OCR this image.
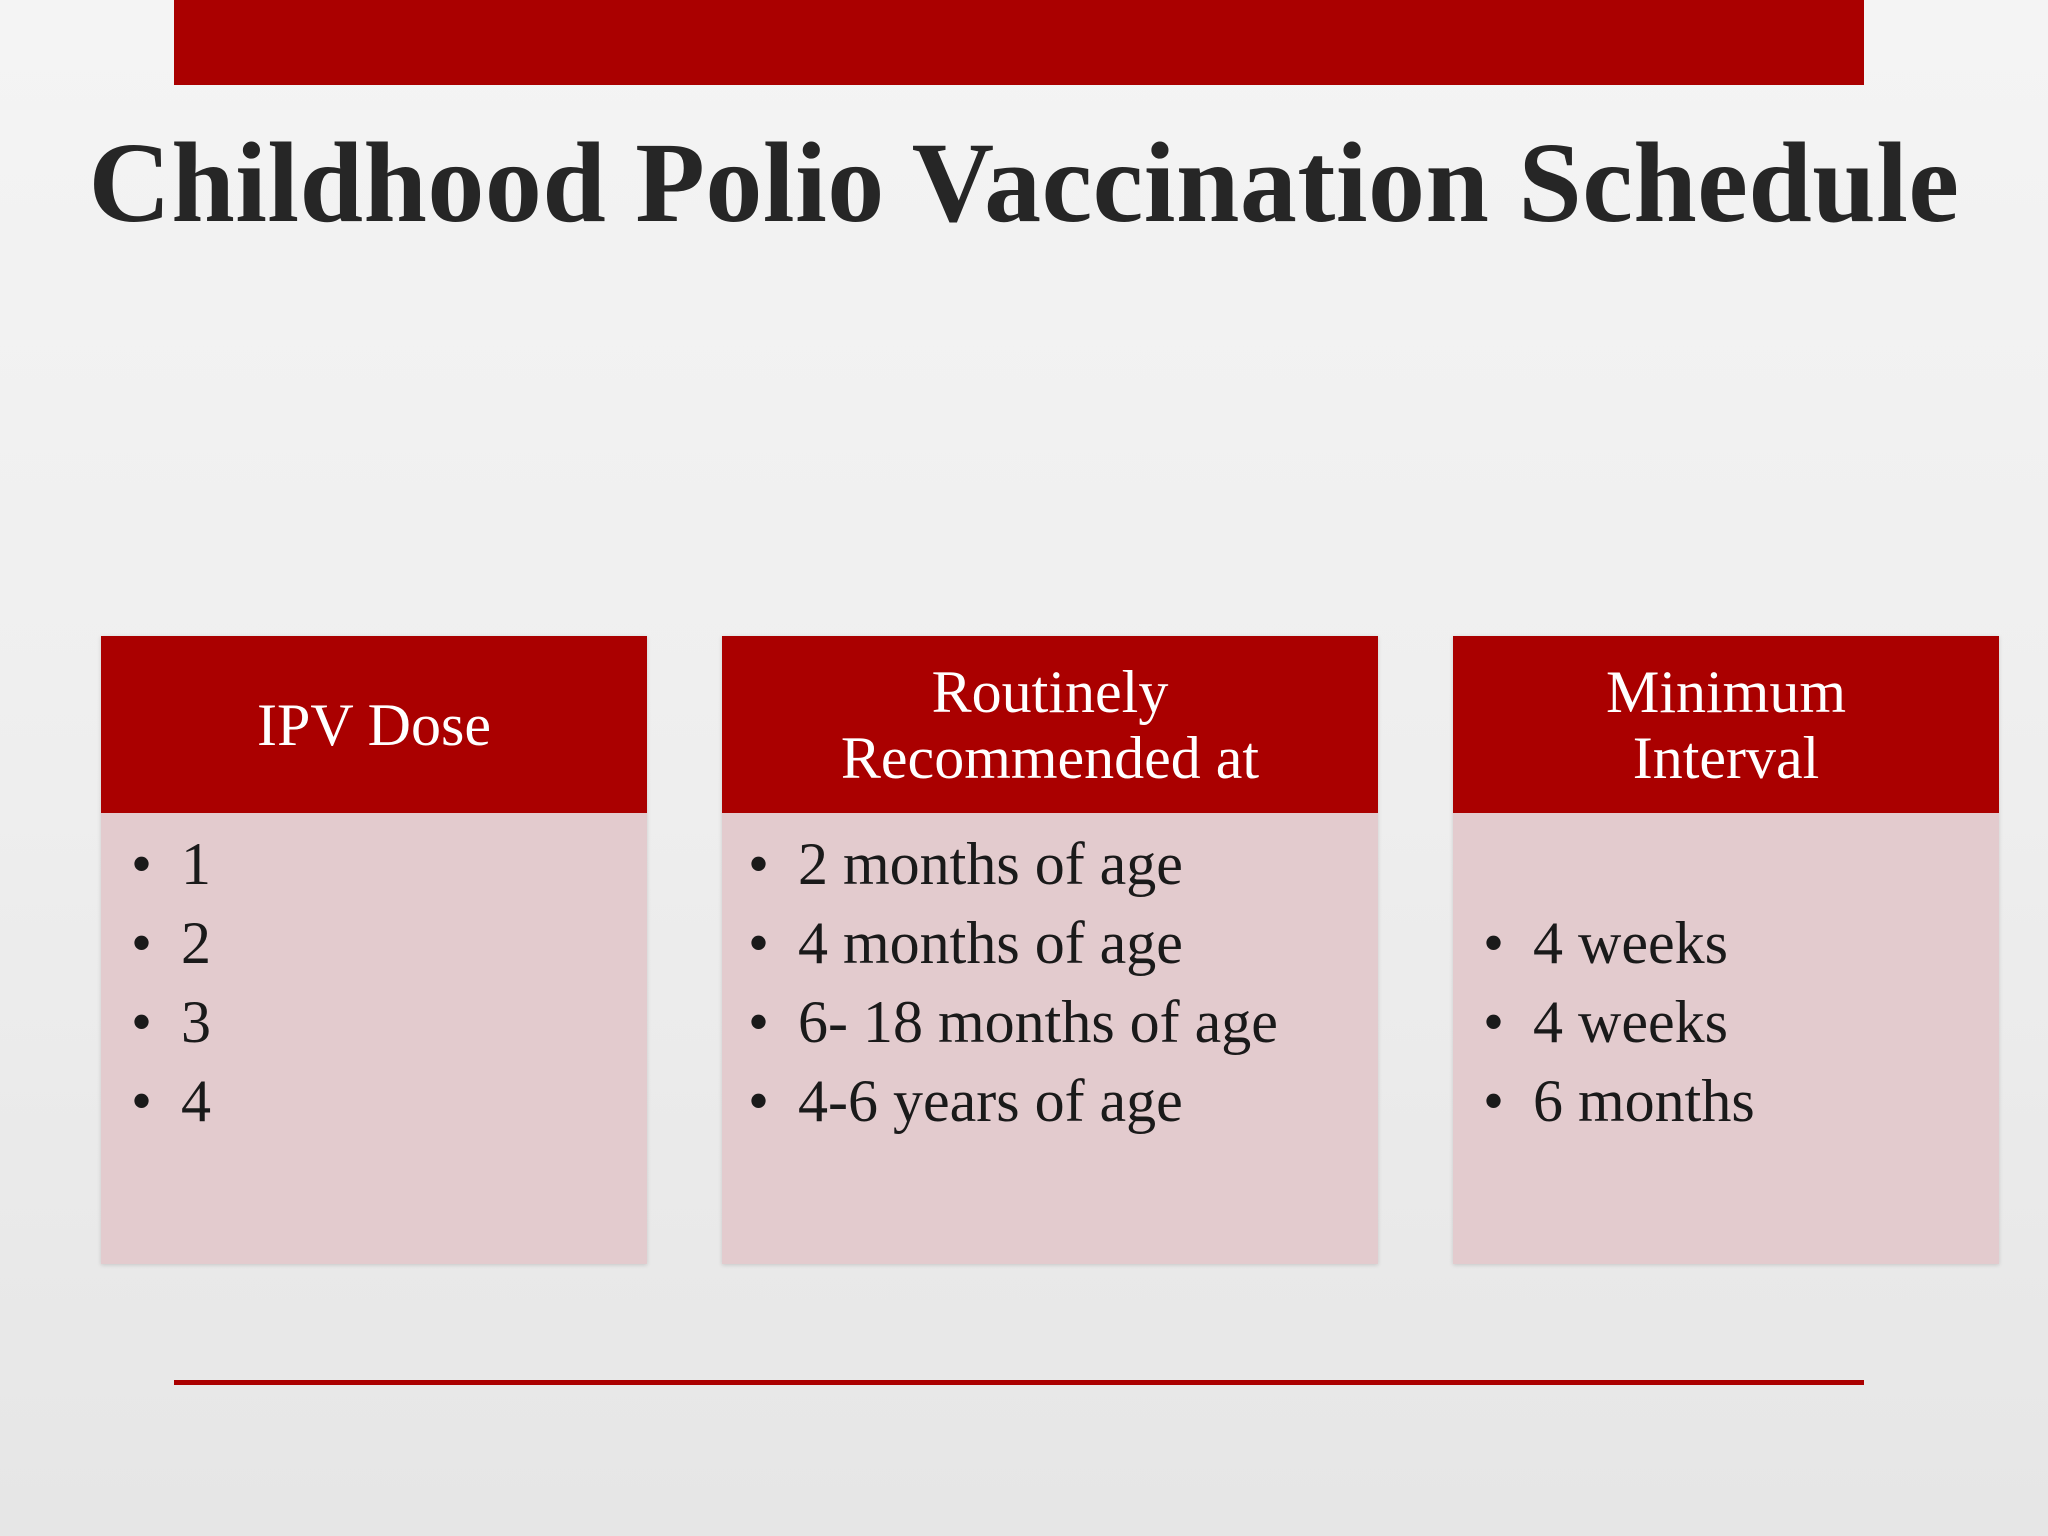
Childhood Polio Vaccination Schedule
IPV Dose
• 1
• 2
• 3
• 4
Routinely Recommended at
• 2 months of age
• 4 months of age
• 6- 18 months of age
• 4-6 years of age
Minimum Interval
• 4 weeks
• 4 weeks
• 6 months
